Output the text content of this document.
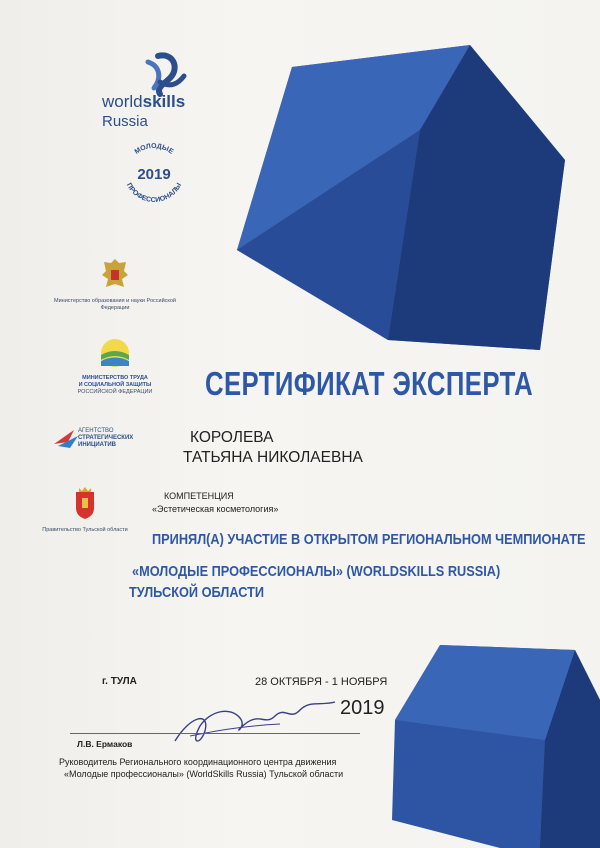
worldskills
Russia
МОЛОДЫЕ
2019
ПРОФЕССИОНАЛЫ
Министерство образования и науки Российской Федерации
МИНИСТЕРСТВО ТРУДА
И СОЦИАЛЬНОЙ ЗАЩИТЫ
РОССИЙСКОЙ ФЕДЕРАЦИИ
АГЕНТСТВО
СТРАТЕГИЧЕСКИХ
ИНИЦИАТИВ
Правительство Тульской области
СЕРТИФИКАТ ЭКСПЕРТА
КОРОЛЕВА
ТАТЬЯНА НИКОЛАЕВНА
КОМПЕТЕНЦИЯ
«Эстетическая косметология»
ПРИНЯЛ(А) УЧАСТИЕ В ОТКРЫТОМ РЕГИОНАЛЬНОМ ЧЕМПИОНАТЕ
«МОЛОДЫЕ ПРОФЕССИОНАЛЫ» (WORLDSKILLS RUSSIA)
ТУЛЬСКОЙ ОБЛАСТИ
г. ТУЛА	28 ОКТЯБРЯ - 1 НОЯБРЯ
2019
Л.В. Ермаков
Руководитель Регионального координационного центра движения
«Молодые профессионалы» (WorldSkills Russia) Тульской области
